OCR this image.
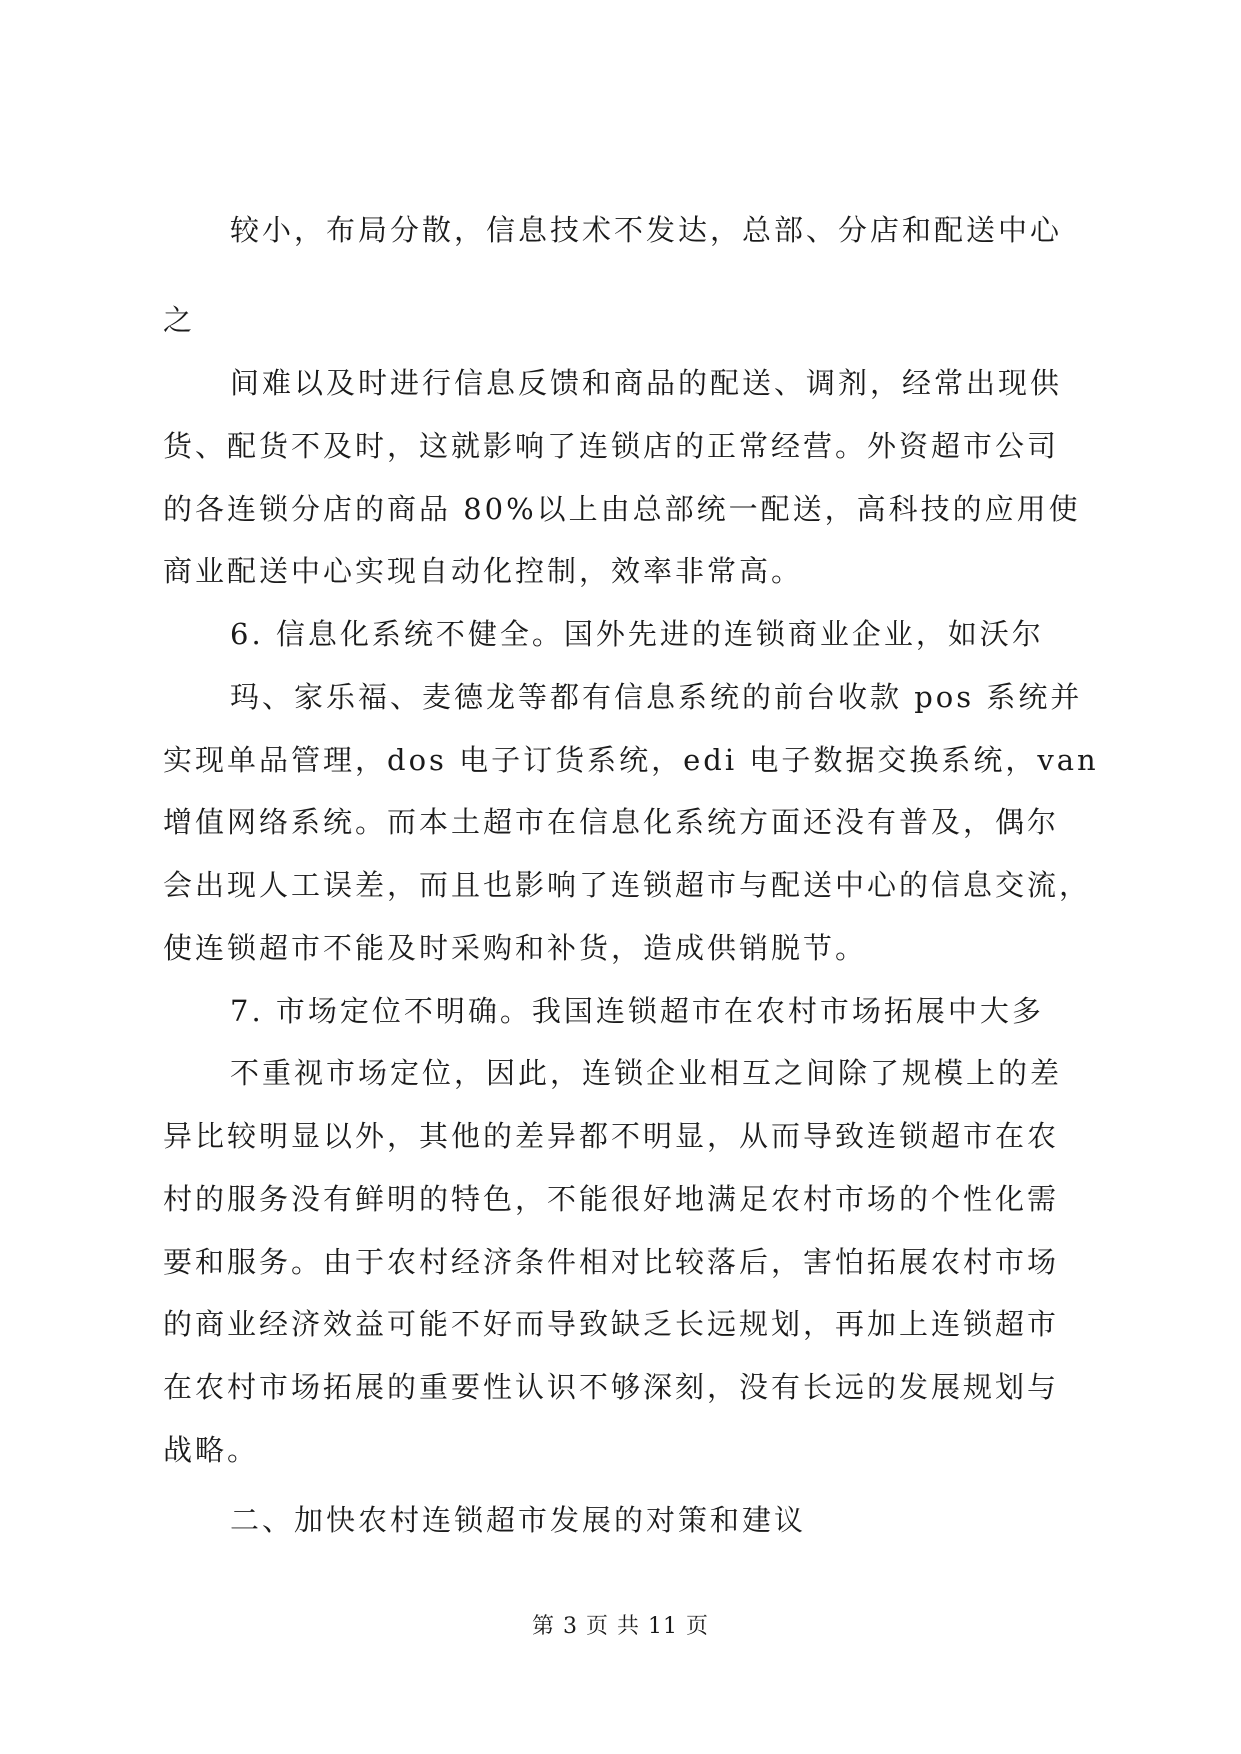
较小，布局分散，信息技术不发达，总部、分店和配送中心
之
间难以及时进行信息反馈和商品的配送、调剂，经常出现供
货、配货不及时，这就影响了连锁店的正常经营。外资超市公司
的各连锁分店的商品 80%以上由总部统一配送，高科技的应用使
商业配送中心实现自动化控制，效率非常高。
6. 信息化系统不健全。国外先进的连锁商业企业，如沃尔
玛、家乐福、麦德龙等都有信息系统的前台收款 pos 系统并
实现单品管理，dos 电子订货系统，edi 电子数据交换系统，van
增值网络系统。而本土超市在信息化系统方面还没有普及，偶尔
会出现人工误差，而且也影响了连锁超市与配送中心的信息交流，
使连锁超市不能及时采购和补货，造成供销脱节。
7. 市场定位不明确。我国连锁超市在农村市场拓展中大多
不重视市场定位，因此，连锁企业相互之间除了规模上的差
异比较明显以外，其他的差异都不明显，从而导致连锁超市在农
村的服务没有鲜明的特色，不能很好地满足农村市场的个性化需
要和服务。由于农村经济条件相对比较落后，害怕拓展农村市场
的商业经济效益可能不好而导致缺乏长远规划，再加上连锁超市
在农村市场拓展的重要性认识不够深刻，没有长远的发展规划与
战略。
二、加快农村连锁超市发展的对策和建议
第 3 页 共 11 页
